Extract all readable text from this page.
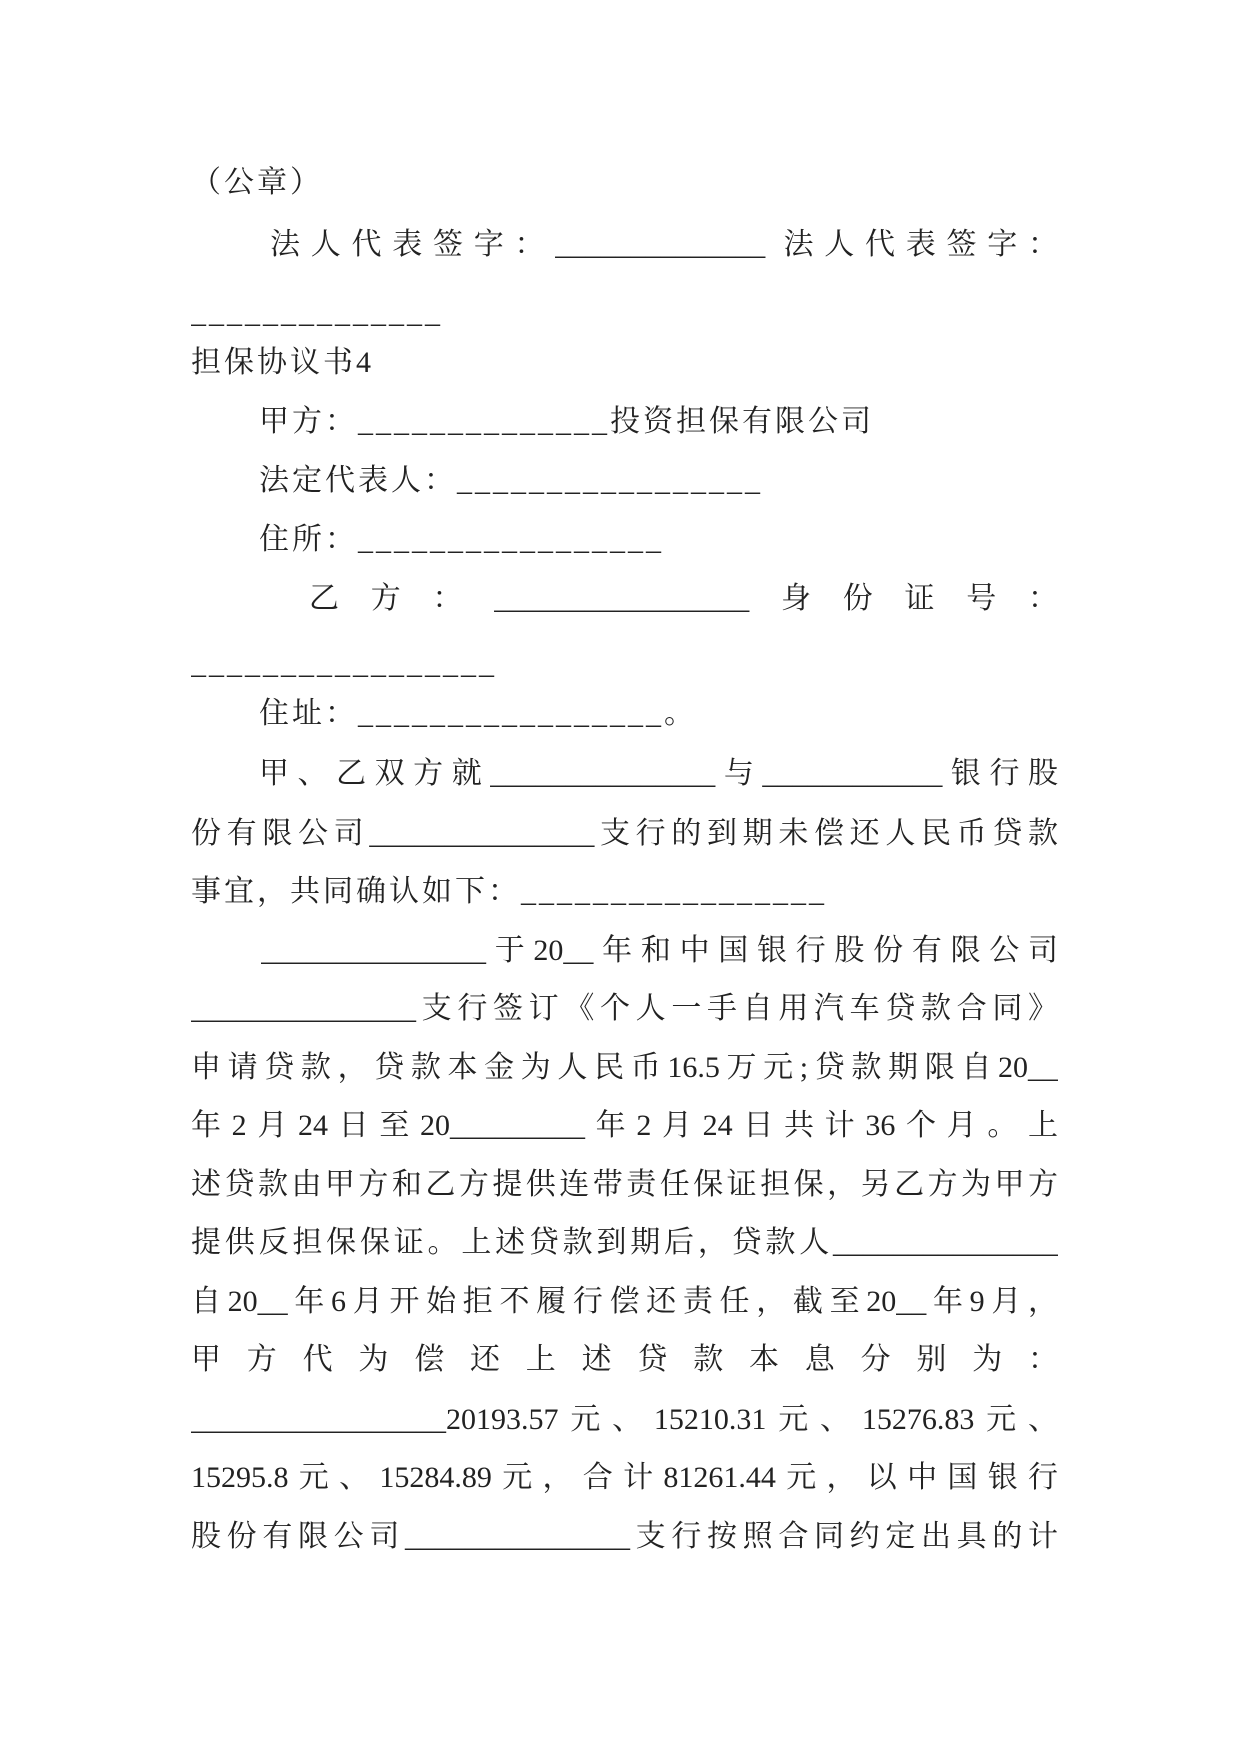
（公章）
法人代表签字：______________ 法人代表签字：
______________
担保协议书4
甲方：______________投资担保有限公司
法定代表人：_________________
住所：_________________
乙方：_________________身份证号：
_________________
住址：_________________。
甲、乙双方就_______________与____________银行股
份有限公司_______________支行的到期未偿还人民币贷款
事宜，共同确认如下：_________________
_______________于20__年和中国银行股份有限公司
_______________支行签订《个人一手自用汽车贷款合同》
申请贷款，贷款本金为人民币16.5万元;贷款期限自20__
年2月24日至20_________年2月24日共计36个月。上
述贷款由甲方和乙方提供连带责任保证担保，另乙方为甲方
提供反担保保证。上述贷款到期后，贷款人_______________
自20__年6月开始拒不履行偿还责任，截至20__年9月，
甲方代为偿还上述贷款本息分别为：
_________________20193.57元、15210.31元、15276.83元、
15295.8元、15284.89元，合计81261.44元，以中国银行
股份有限公司_______________支行按照合同约定出具的计
